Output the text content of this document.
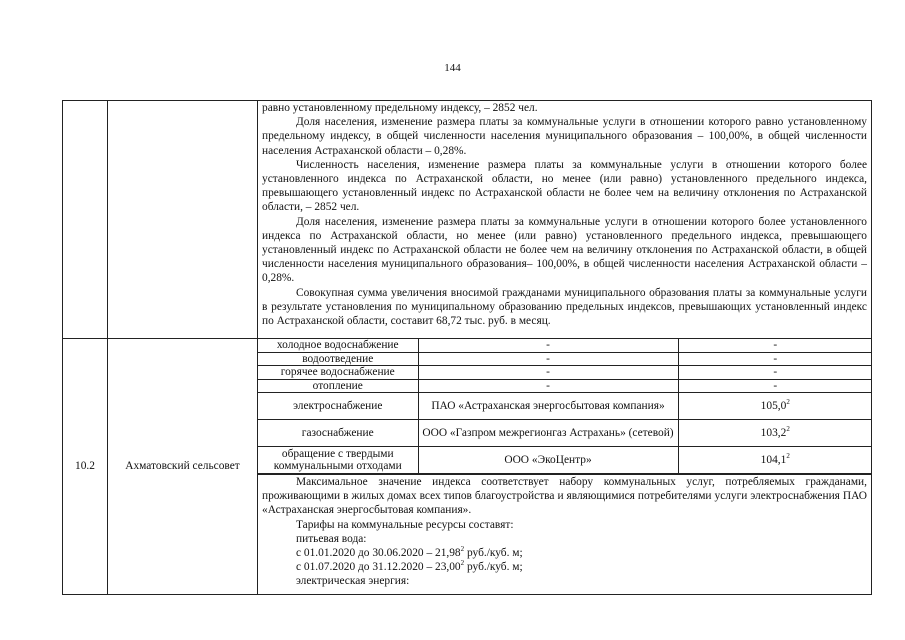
144

равно установленному предельному индексу, – 2852 чел.

Доля населения, изменение размера платы за коммунальные услуги в отношении которого равно установленному предельному индексу, в общей численности населения муниципального образования – 100,00%, в общей численности населения Астраханской области – 0,28%.

Численность населения, изменение размера платы за коммунальные услуги в отношении которого более установленного индекса по Астраханской области, но менее (или равно) установленного предельного индекса, превышающего установленный индекс по Астраханской области не более чем на величину отклонения по Астраханской области, – 2852 чел.

Доля населения, изменение размера платы за коммунальные услуги в отношении которого более установленного индекса по Астраханской области, но менее (или равно) установленного предельного индекса, превышающего установленный индекс по Астраханской области не более чем на величину отклонения по Астраханской области, в общей численности населения муниципального образования– 100,00%, в общей численности населения Астраханской области – 0,28%.

Совокупная сумма увеличения вносимой гражданами муниципального образования платы за коммунальные услуги в результате установления по муниципальному образованию предельных индексов, превышающих установленный индекс по Астраханской области, составит 68,72 тыс. руб. в месяц.

10.2	Ахматовский сельсовет	
холодное водоснабжение	-	-
водоотведение	-	-
горячее водоснабжение	-	-
отопление	-	-
электроснабжение	ПАО «Астраханская энергосбытовая компания»	105,0$^2$
газоснабжение	ООО «Газпром межрегионгаз Астрахань» (сетевой)	103,2$^2$
обращение с твердыми коммунальными отходами	ООО «ЭкоЦентр»	104,1$^2$

Максимальное значение индекса соответствует набору коммунальных услуг, потребляемых гражданами, проживающими в жилых домах всех типов благоустройства и являющимися потребителями услуги электроснабжения ПАО «Астраханская энергосбытовая компания».

Тарифы на коммунальные ресурсы составят:

питьевая вода:

с 01.01.2020 до 30.06.2020 – 21,98$^2$ руб./куб. м;

с 01.07.2020 до 31.12.2020 – 23,00$^2$ руб./куб. м;

электрическая энергия:
